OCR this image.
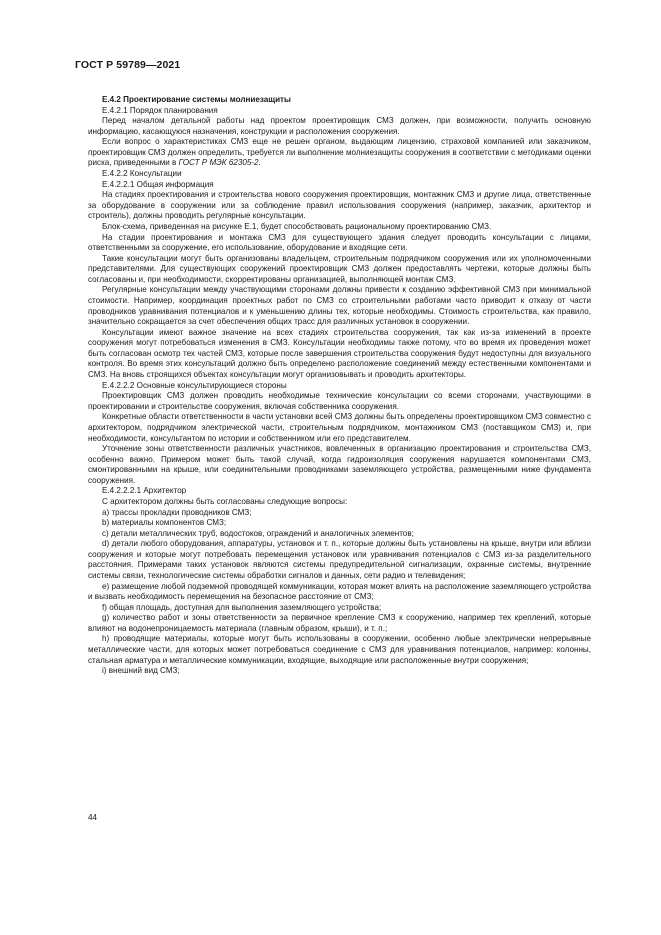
ГОСТ Р 59789—2021

Е.4.2 Проектирование системы молниезащиты

Е.4.2.1 Порядок планирования

Перед началом детальной работы над проектом проектировщик СМЗ должен, при возможности, получить основную информацию, касающуюся назначения, конструкции и расположения сооружения.

Если вопрос о характеристиках СМЗ еще не решен органом, выдающим лицензию, страховой компанией или заказчиком, проектировщик СМЗ должен определить, требуется ли выполнение молниезащиты сооружения в соответствии с методиками оценки риска, приведенными в ГОСТ Р МЭК 62305-2.

Е.4.2.2 Консультации

Е.4.2.2.1 Общая информация

На стадиях проектирования и строительства нового сооружения проектировщик, монтажник СМЗ и другие лица, ответственные за оборудование в сооружении или за соблюдение правил использования сооружения (например, заказчик, архитектор и строитель), должны проводить регулярные консультации.

Блок-схема, приведенная на рисунке Е.1, будет способствовать рациональному проектированию СМЗ.

На стадии проектирования и монтажа СМЗ для существующего здания следует проводить консультации с лицами, ответственными за сооружение, его использование, оборудование и входящие сети.

Такие консультации могут быть организованы владельцем, строительным подрядчиком сооружения или их уполномоченными представителями. Для существующих сооружений проектировщик СМЗ должен предоставлять чертежи, которые должны быть согласованы и, при необходимости, скорректированы организацией, выполняющей монтаж СМЗ.

Регулярные консультации между участвующими сторонами должны привести к созданию эффективной СМЗ при минимальной стоимости. Например, координация проектных работ по СМЗ со строительными работами часто приводит к отказу от части проводников уравнивания потенциалов и к уменьшению длины тех, которые необходимы. Стоимость строительства, как правило, значительно сокращается за счет обеспечения общих трасс для различных установок в сооружении.

Консультации имеют важное значение на всех стадиях строительства сооружения, так как из-за изменений в проекте сооружения могут потребоваться изменения в СМЗ. Консультации необходимы также потому, что во время их проведения может быть согласован осмотр тех частей СМЗ, которые после завершения строительства сооружения будут недоступны для визуального контроля. Во время этих консультаций должно быть определено расположение соединений между естественными компонентами и СМЗ. На вновь строящихся объектах консультации могут организовывать и проводить архитекторы.

Е.4.2.2.2 Основные консультирующиеся стороны

Проектировщик СМЗ должен проводить необходимые технические консультации со всеми сторонами, участвующими в проектировании и строительстве сооружения, включая собственника сооружения.

Конкретные области ответственности в части установки всей СМЗ должны быть определены проектировщиком СМЗ совместно с архитектором, подрядчиком электрической части, строительным подрядчиком, монтажником СМЗ (поставщиком СМЗ) и, при необходимости, консультантом по истории и собственником или его представителем.

Уточнение зоны ответственности различных участников, вовлеченных в организацию проектирования и строительства СМЗ, особенно важно. Примером может быть такой случай, когда гидроизоляция сооружения нарушается компонентами СМЗ, смонтированными на крыше, или соединительными проводниками заземляющего устройства, размещенными ниже фундамента сооружения.

Е.4.2.2.2.1 Архитектор

С архитектором должны быть согласованы следующие вопросы:

a) трассы прокладки проводников СМЗ;

b) материалы компонентов СМЗ;

c) детали металлических труб, водостоков, ограждений и аналогичных элементов;

d) детали любого оборудования, аппаратуры, установок и т. п., которые должны быть установлены на крыше, внутри или вблизи сооружения и которые могут потребовать перемещения установок или уравнивания потенциалов с СМЗ из-за разделительного расстояния. Примерами таких установок являются системы предупредительной сигнализации, охранные системы, внутренние системы связи, технологические системы обработки сигналов и данных, сети радио и телевидения;

e) размещение любой подземной проводящей коммуникации, которая может влиять на расположение заземляющего устройства и вызвать необходимость перемещения на безопасное расстояние от СМЗ;

f) общая площадь, доступная для выполнения заземляющего устройства;

g) количество работ и зоны ответственности за первичное крепление СМЗ к сооружению, например тех креплений, которые влияют на водонепроницаемость материала (главным образом, крыши), и т. п.;

h) проводящие материалы, которые могут быть использованы в сооружении, особенно любые электрически непрерывные металлические части, для которых может потребоваться соединение с СМЗ для уравнивания потенциалов, например: колонны, стальная арматура и металлические коммуникации, входящие, выходящие или расположенные внутри сооружения;

i) внешний вид СМЗ;

44
